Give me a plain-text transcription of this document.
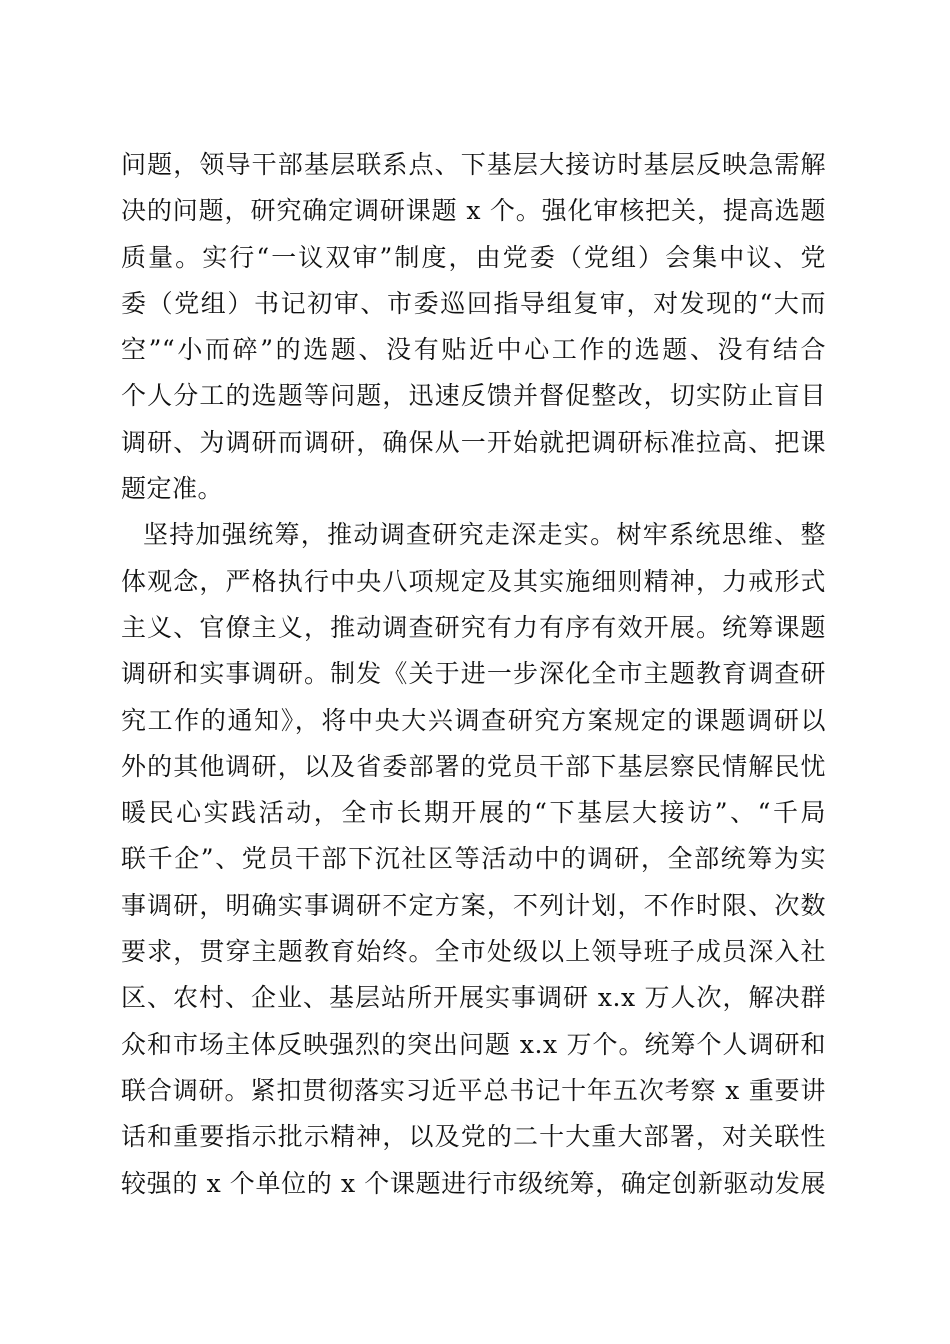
问题，领导干部基层联系点、下基层大接访时基层反映急需解
决的问题，研究确定调研课题 x 个。强化审核把关，提高选题
质量。实行“一议双审”制度，由党委（党组）会集中议、党
委（党组）书记初审、市委巡回指导组复审，对发现的“大而
空”“小而碎”的选题、没有贴近中心工作的选题、没有结合
个人分工的选题等问题，迅速反馈并督促整改，切实防止盲目
调研、为调研而调研，确保从一开始就把调研标准拉高、把课
题定准。
坚持加强统筹，推动调查研究走深走实。树牢系统思维、整
体观念，严格执行中央八项规定及其实施细则精神，力戒形式
主义、官僚主义，推动调查研究有力有序有效开展。统筹课题
调研和实事调研。制发《关于进一步深化全市主题教育调查研
究工作的通知》，将中央大兴调查研究方案规定的课题调研以
外的其他调研，以及省委部署的党员干部下基层察民情解民忧
暖民心实践活动，全市长期开展的“下基层大接访”、“千局
联千企”、党员干部下沉社区等活动中的调研，全部统筹为实
事调研，明确实事调研不定方案，不列计划，不作时限、次数
要求，贯穿主题教育始终。全市处级以上领导班子成员深入社
区、农村、企业、基层站所开展实事调研 x.x 万人次，解决群
众和市场主体反映强烈的突出问题 x.x 万个。统筹个人调研和
联合调研。紧扣贯彻落实习近平总书记十年五次考察 x 重要讲
话和重要指示批示精神，以及党的二十大重大部署，对关联性
较强的 x 个单位的 x 个课题进行市级统筹，确定创新驱动发展
